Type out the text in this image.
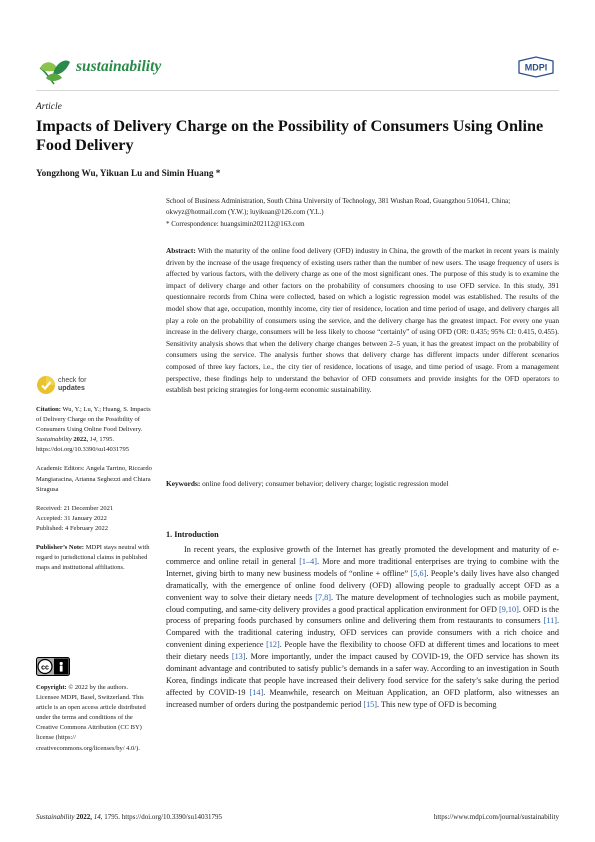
sustainability	MDPI
Article
Impacts of Delivery Charge on the Possibility of Consumers Using Online Food Delivery
Yongzhong Wu, Yikuan Lu and Simin Huang *
School of Business Administration, South China University of Technology, 381 Wushan Road, Guangzhou 510641, China; okwyz@hotmail.com (Y.W.); luyikuan@126.com (Y.L.)
* Correspondence: huangsimin202112@163.com
Abstract: With the maturity of the online food delivery (OFD) industry in China, the growth of the market in recent years is mainly driven by the increase of the usage frequency of existing users rather than the number of new users. The usage frequency of users is affected by various factors, with the delivery charge as one of the most significant ones. The purpose of this study is to examine the impact of delivery charge and other factors on the probability of consumers choosing to use OFD service. In this study, 391 questionnaire records from China were collected, based on which a logistic regression model was established. The results of the model show that age, occupation, monthly income, city tier of residence, location and time period of usage, and delivery charges all play a role on the probability of consumers using the service, and the delivery charge has the greatest impact. For every one yuan increase in the delivery charge, consumers will be less likely to choose “certainly” of using OFD (OR: 0.435; 95% CI: 0.415, 0.455). Sensitivity analysis shows that when the delivery charge changes between 2–5 yuan, it has the greatest impact on the probability of consumers using the service. The analysis further shows that delivery charge has different impacts under different scenarios composed of three key factors, i.e., the city tier of residence, locations of usage, and time period of usage. From a management perspective, these findings help to understand the behavior of OFD consumers and provide insights for the OFD operators to establish best pricing strategies for long-term economic sustainability.
Keywords: online food delivery; consumer behavior; delivery charge; logistic regression model
1. Introduction

In recent years, the explosive growth of the Internet has greatly promoted the development and maturity of e-commerce and online retail in general [1–4]. More and more traditional enterprises are trying to combine with the Internet, giving birth to many new business models of “online + offline” [5,6]. People’s daily lives have also changed dramatically, with the emergence of online food delivery (OFD) allowing people to gradually accept OFD as a convenient way to solve their dietary needs [7,8]. The mature development of technologies such as mobile payment, cloud computing, and same-city delivery provides a good practical application environment for OFD [9,10]. OFD is the process of preparing foods purchased by consumers online and delivering them from restaurants to consumers [11]. Compared with the traditional catering industry, OFD services can provide consumers with a rich choice and convenient dining experience [12]. People have the flexibility to choose OFD at different times and locations to meet their dietary needs [13]. More importantly, under the impact caused by COVID-19, the OFD service has shown its dominant advantage and contributed to satisfy public’s demands in a safer way. According to an investigation in South Korea, findings indicate that people have increased their delivery food service for the safety’s sake during the period affected by COVID-19 [14]. Meanwhile, research on Meituan Application, an OFD platform, also witnesses an increased number of orders during the postpandemic period [15]. This new type of OFD is becoming

check for
updates

Citation: Wu, Y.; Lu, Y.; Huang, S. Impacts of Delivery Charge on the Possibility of Consumers Using Online Food Delivery. Sustainability 2022, 14, 1795. https://doi.org/10.3390/su14031795

Academic Editors: Angela Tarrino, Riccardo Mangiaracina, Arianna Seghezzi and Chiara Siragusa

Received: 21 December 2021
Accepted: 31 January 2022
Published: 4 February 2022

Publisher’s Note: MDPI stays neutral with regard to jurisdictional claims in published maps and institutional affiliations.

cc
Copyright: © 2022 by the authors. Licensee MDPI, Basel, Switzerland. This article is an open access article distributed under the terms and conditions of the Creative Commons Attribution (CC BY) license (https:// creativecommons.org/licenses/by/ 4.0/).
Sustainability 2022, 14, 1795. https://doi.org/10.3390/su14031795	https://www.mdpi.com/journal/sustainability
